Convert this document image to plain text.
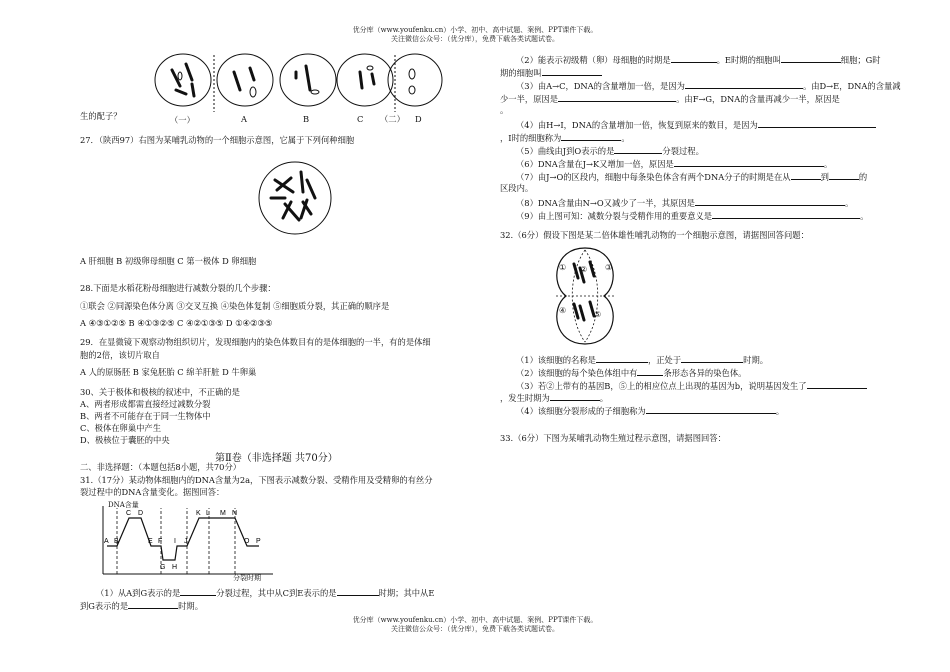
优分库（www.youfenku.cn）小学、初中、高中试题、案例、PPT课件下载。
关注微信公众号：（优分库），免费下载各类试题试卷。
（一）	A	B	C （二） D
生的配子？
27．（陕西97）右图为某哺乳动物的一个细胞示意图，它属于下列何种细胞
A 肝细胞 B 初级卵母细胞 C 第一极体 D 卵细胞
28.下面是水稻花粉母细胞进行减数分裂的几个步骤：
①联会 ②同源染色体分离 ③交叉互换 ④染色体复制 ⑤细胞质分裂，其正确的顺序是
A ④③①②⑤ B ④①③②⑤ C ④②①③⑤ D ①④②③⑤
29．在显微镜下观察动物组织切片，发现细胞内的染色体数目有的是体细胞的一半，有的是体细
胞的2倍，该切片取自
A 人的原肠胚 B 家兔胚胎 C 绵羊肝脏 D 牛卵巢
30、关于极体和极核的叙述中，不正确的是
A、两者形成都需直接经过减数分裂
B、两者不可能存在于同一生物体中
C、极体在卵巢中产生
D、极核位于囊胚的中央
第Ⅱ卷（非选择题 共70分）
二、非选择题：（本题包括8小题，共70分）
31.（17分）某动物体细胞内的DNA含量为2a，下图表示减数分裂、受精作用及受精卵的有丝分
裂过程中的DNA含量变化。据图回答：
A B
C D
E F
G H
I J
K L M N
O P
DNA含量
分裂时期
（1）从A到G表示的是	分裂过程，其中从C到E表示的是	时期；其中从E
到G表示的是	时期。
（2）能表示初级精（卵）母细胞的时期是	。E时期的细胞叫	细胞；G时
期的细胞叫
（3）由A→C，DNA的含量增加一倍，是因为	。由D→E，DNA的含量减
少一半，原因是	。由F→G，DNA的含量再减少一半，原因是
。
（4）由H→I，DNA的含量增加一倍，恢复到原来的数目，是因为
，I时的细胞称为	。
（5）曲线由J到O表示的是	分裂过程。
（6）DNA含量在J→K又增加一倍，原因是	。
（7）由J→O的区段内，细胞中每条染色体含有两个DNA分子的时期是在从	到	的
区段内。
（8）DNA含量由N→O又减少了一半，其原因是	。
（9）由上图可知：减数分裂与受精作用的重要意义是	。
32.（6分）假设下图是某二倍体雄性哺乳动物的一个细胞示意图，请据图回答问题：
①	③
②
④	⑤
（1）该细胞的名称是	，正处于	时期。
（2）该细胞的每个染色体组中有	条形态各异的染色体。
（3）若②上带有的基因B，⑤上的相应位点上出现的基因为b，说明基因发生了
，发生时期为	。
（4）该细胞分裂形成的子细胞称为	。
33.（6分）下图为某哺乳动物生殖过程示意图，请据图回答：
优分库（www.youfenku.cn）小学、初中、高中试题、案例、PPT课件下载。
关注微信公众号：（优分库），免费下载各类试题试卷。
